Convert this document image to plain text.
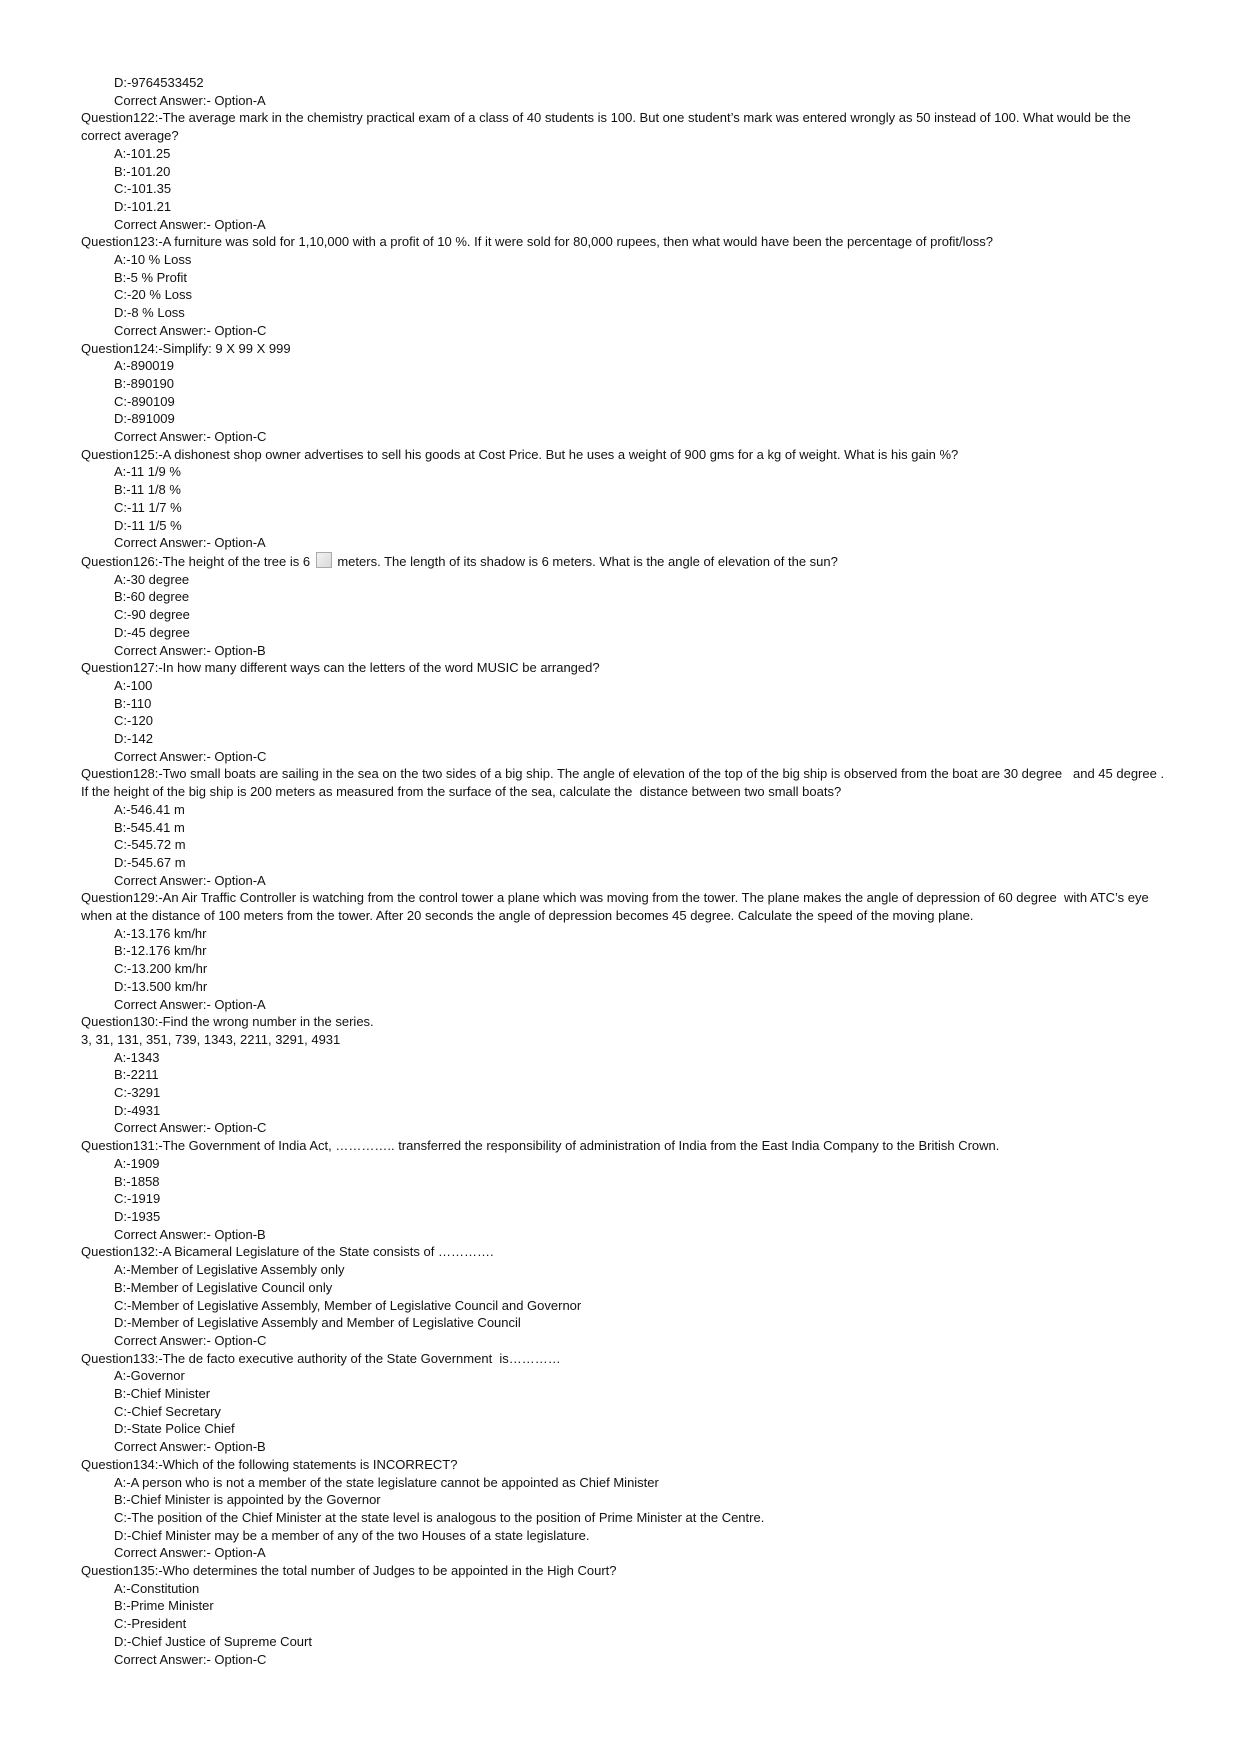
D:-9764533452
Correct Answer:- Option-A
Question122:-The average mark in the chemistry practical exam of a class of 40 students is 100. But one student’s mark was entered wrongly as 50 instead of 100. What would be the correct average?
A:-101.25
B:-101.20
C:-101.35
D:-101.21
Correct Answer:- Option-A
Question123:-A furniture was sold for 1,10,000 with a profit of 10 %. If it were sold for 80,000 rupees, then what would have been the percentage of profit/loss?
A:-10 % Loss
B:-5 % Profit
C:-20 % Loss
D:-8 % Loss
Correct Answer:- Option-C
Question124:-Simplify: 9 X 99 X 999
A:-890019
B:-890190
C:-890109
D:-891009
Correct Answer:- Option-C
Question125:-A dishonest shop owner advertises to sell his goods at Cost Price. But he uses a weight of 900 gms for a kg of weight. What is his gain %?
A:-11 1/9 %
B:-11 1/8 %
C:-11 1/7 %
D:-11 1/5 %
Correct Answer:- Option-A
Question126:-The height of the tree is 6 meters. The length of its shadow is 6 meters. What is the angle of elevation of the sun?
A:-30 degree
B:-60 degree
C:-90 degree
D:-45 degree
Correct Answer:- Option-B
Question127:-In how many different ways can the letters of the word MUSIC be arranged?
A:-100
B:-110
C:-120
D:-142
Correct Answer:- Option-C
Question128:-Two small boats are sailing in the sea on the two sides of a big ship. The angle of elevation of the top of the big ship is observed from the boat are 30 degree   and 45 degree . If the height of the big ship is 200 meters as measured from the surface of the sea, calculate the  distance between two small boats?
A:-546.41 m
B:-545.41 m
C:-545.72 m
D:-545.67 m
Correct Answer:- Option-A
Question129:-An Air Traffic Controller is watching from the control tower a plane which was moving from the tower. The plane makes the angle of depression of 60 degree  with ATC’s eye when at the distance of 100 meters from the tower. After 20 seconds the angle of depression becomes 45 degree. Calculate the speed of the moving plane.
A:-13.176 km/hr
B:-12.176 km/hr
C:-13.200 km/hr
D:-13.500 km/hr
Correct Answer:- Option-A
Question130:-Find the wrong number in the series.
3, 31, 131, 351, 739, 1343, 2211, 3291, 4931
A:-1343
B:-2211
C:-3291
D:-4931
Correct Answer:- Option-C
Question131:-The Government of India Act, ………….. transferred the responsibility of administration of India from the East India Company to the British Crown.
A:-1909
B:-1858
C:-1919
D:-1935
Correct Answer:- Option-B
Question132:-A Bicameral Legislature of the State consists of ………….
A:-Member of Legislative Assembly only
B:-Member of Legislative Council only
C:-Member of Legislative Assembly, Member of Legislative Council and Governor
D:-Member of Legislative Assembly and Member of Legislative Council
Correct Answer:- Option-C
Question133:-The de facto executive authority of the State Government  is…………
A:-Governor
B:-Chief Minister
C:-Chief Secretary
D:-State Police Chief
Correct Answer:- Option-B
Question134:-Which of the following statements is INCORRECT?
A:-A person who is not a member of the state legislature cannot be appointed as Chief Minister
B:-Chief Minister is appointed by the Governor
C:-The position of the Chief Minister at the state level is analogous to the position of Prime Minister at the Centre.
D:-Chief Minister may be a member of any of the two Houses of a state legislature.
Correct Answer:- Option-A
Question135:-Who determines the total number of Judges to be appointed in the High Court?
A:-Constitution
B:-Prime Minister
C:-President
D:-Chief Justice of Supreme Court
Correct Answer:- Option-C
